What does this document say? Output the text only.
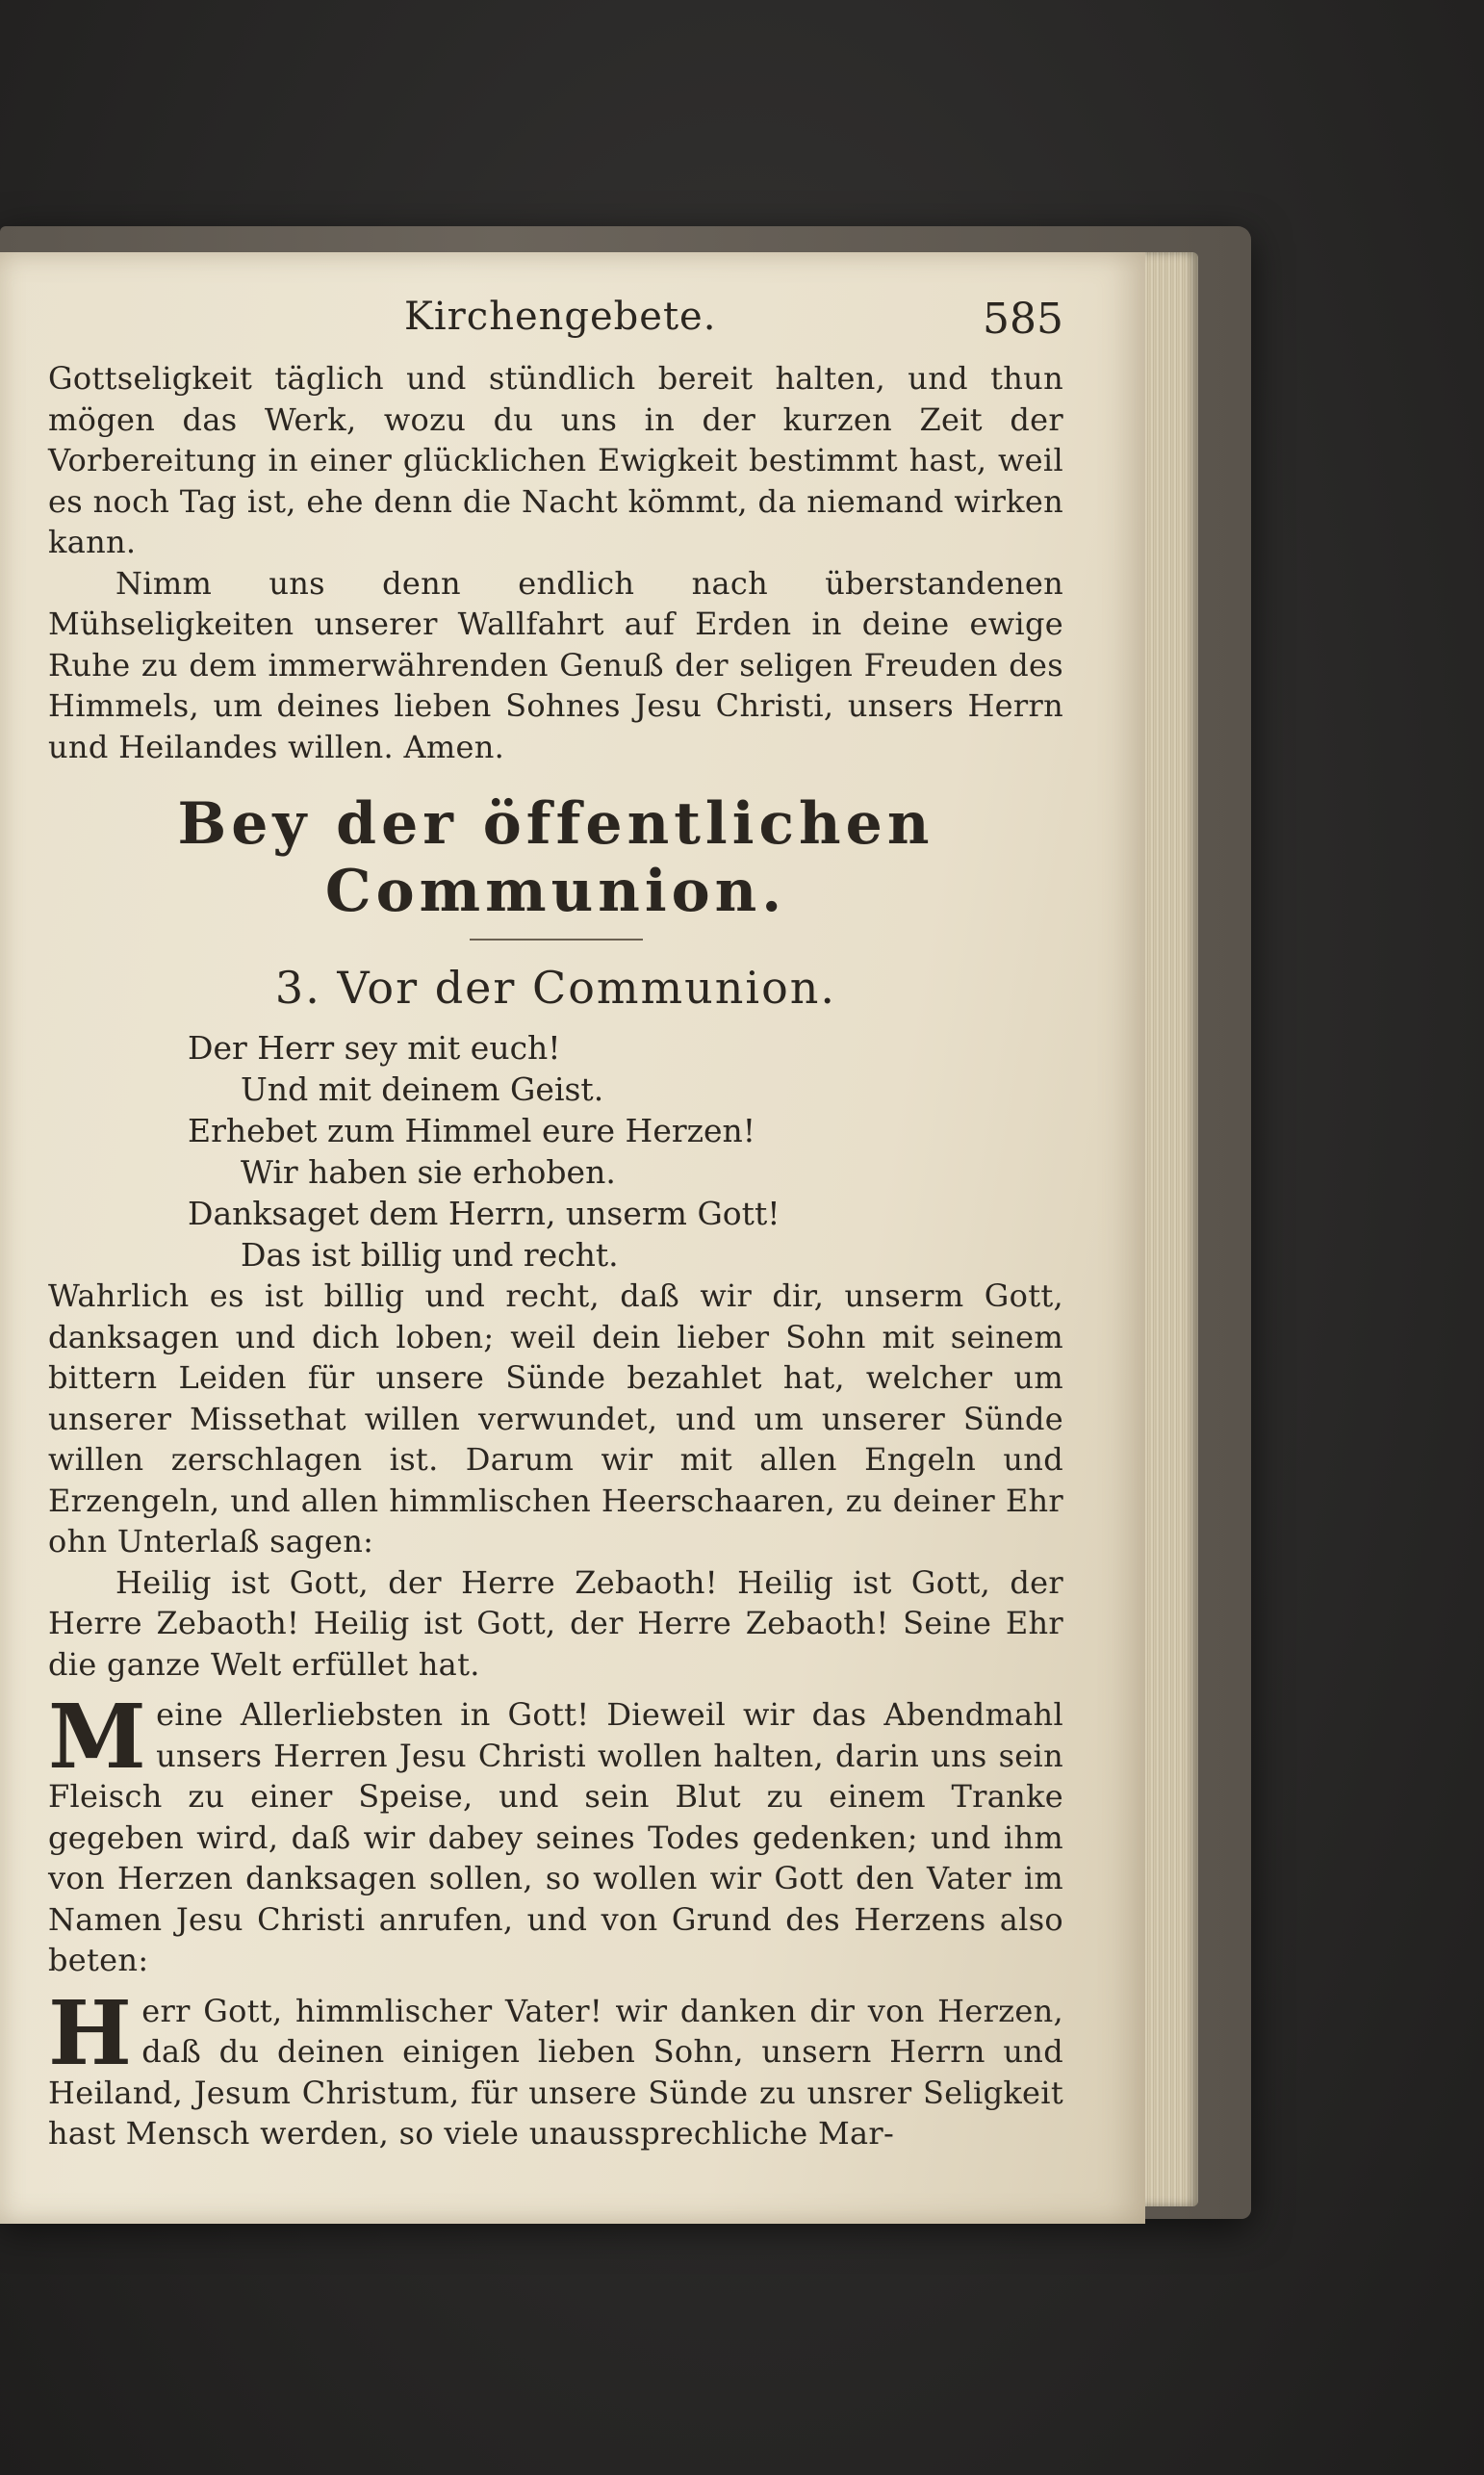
Kirchengebete.	585

Gottseligkeit täglich und stündlich bereit halten, und thun mögen das Werk, wozu du uns in der kurzen Zeit der Vorbereitung in einer glücklichen Ewigkeit bestimmt hast, weil es noch Tag ist, ehe denn die Nacht kömmt, da niemand wirken kann.

Nimm uns denn endlich nach überstandenen Mühseligkeiten unserer Wallfahrt auf Erden in deine ewige Ruhe zu dem immerwährenden Genuß der seligen Freuden des Himmels, um deines lieben Sohnes Jesu Christi, unsers Herrn und Heilandes willen. Amen.

Bey der öffentlichen Communion.
3. Vor der Communion.

Der Herr sey mit euch!

Und mit deinem Geist.

Erhebet zum Himmel eure Herzen!

Wir haben sie erhoben.

Danksaget dem Herrn, unserm Gott!

Das ist billig und recht.

Wahrlich es ist billig und recht, daß wir dir, unserm Gott, danksagen und dich loben; weil dein lieber Sohn mit seinem bittern Leiden für unsere Sünde bezahlet hat, welcher um unserer Missethat willen verwundet, und um unserer Sünde willen zerschlagen ist. Darum wir mit allen Engeln und Erzengeln, und allen himmlischen Heerschaaren, zu deiner Ehr ohn Unterlaß sagen:

Heilig ist Gott, der Herre Zebaoth! Heilig ist Gott, der Herre Zebaoth! Heilig ist Gott, der Herre Zebaoth! Seine Ehr die ganze Welt erfüllet hat.

Meine Allerliebsten in Gott! Dieweil wir das Abendmahl unsers Herren Jesu Christi wollen halten, darin uns sein Fleisch zu einer Speise, und sein Blut zu einem Tranke gegeben wird, daß wir dabey seines Todes gedenken; und ihm von Herzen danksagen sollen, so wollen wir Gott den Vater im Namen Jesu Christi anrufen, und von Grund des Herzens also beten:

Herr Gott, himmlischer Vater! wir danken dir von Herzen, daß du deinen einigen lieben Sohn, unsern Herrn und Heiland, Jesum Christum, für unsere Sünde zu unsrer Seligkeit hast Mensch werden, so viele unaussprechliche Mar-
